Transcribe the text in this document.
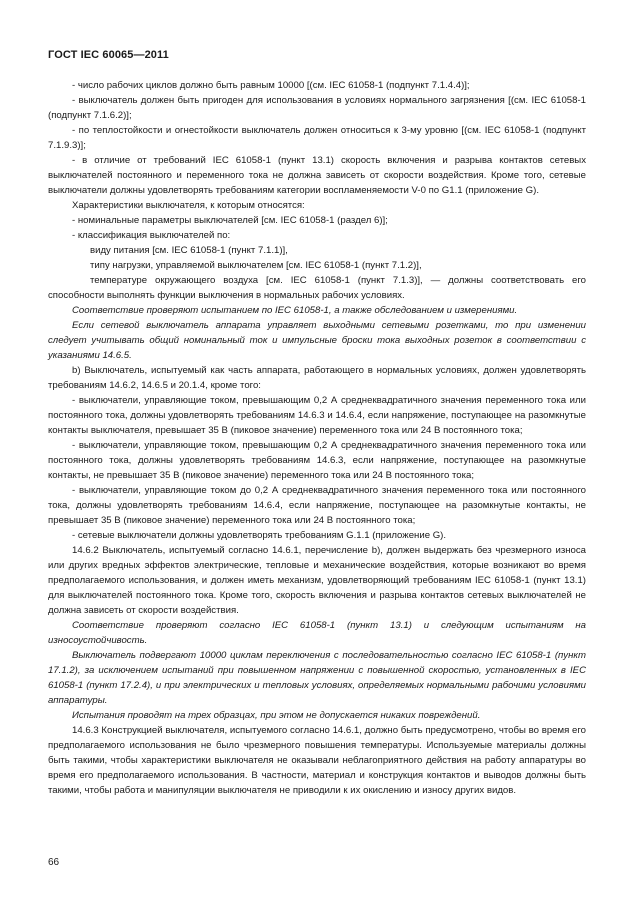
ГОСТ IEC 60065—2011

- число рабочих циклов должно быть равным 10000 [(см. IEC 61058-1 (подпункт 7.1.4.4)];

- выключатель должен быть пригоден для использования в условиях нормального загрязнения [(см. IEC 61058-1 (подпункт 7.1.6.2)];

- по теплостойкости и огнестойкости выключатель должен относиться к 3-му уровню [(см. IEC 61058-1 (подпункт 7.1.9.3)];

- в отличие от требований IEC 61058-1 (пункт 13.1) скорость включения и разрыва контактов сетевых выключателей постоянного и переменного тока не должна зависеть от скорости воздействия. Кроме того, сетевые выключатели должны удовлетворять требованиям категории воспламеняемости V-0 по G1.1 (приложение G).

Характеристики выключателя, к которым относятся:

- номинальные параметры выключателей [см. IEC 61058-1 (раздел 6)];

- классификация выключателей по:

виду питания [см. IEC 61058-1 (пункт 7.1.1)],

типу нагрузки, управляемой выключателем [см. IEC 61058-1 (пункт 7.1.2)],

температуре окружающего воздуха [см. IEC 61058-1 (пункт 7.1.3)], — должны соответствовать его способности выполнять функции выключения в нормальных рабочих условиях.

Соответствие проверяют испытанием по IEC 61058-1, а также обследованием и измерениями.

Если сетевой выключатель аппарата управляет выходными сетевыми розетками, то при изменении следует учитывать общий номинальный ток и импульсные броски тока выходных розеток в соответствии с указаниями 14.6.5.

b) Выключатель, испытуемый как часть аппарата, работающего в нормальных условиях, должен удовлетворять требованиям 14.6.2, 14.6.5 и 20.1.4, кроме того:

- выключатели, управляющие током, превышающим 0,2 А среднеквадратичного значения переменного тока или постоянного тока, должны удовлетворять требованиям 14.6.3 и 14.6.4, если напряжение, поступающее на разомкнутые контакты выключателя, превышает 35 В (пиковое значение) переменного тока или 24 В постоянного тока;

- выключатели, управляющие током, превышающим 0,2 А среднеквадратичного значения переменного тока или постоянного тока, должны удовлетворять требованиям 14.6.3, если напряжение, поступающее на разомкнутые контакты, не превышает 35 В (пиковое значение) переменного тока или 24 В постоянного тока;

- выключатели, управляющие током до 0,2 А среднеквадратичного значения переменного тока или постоянного тока, должны удовлетворять требованиям 14.6.4, если напряжение, поступающее на разомкнутые контакты, не превышает 35 В (пиковое значение) переменного тока или 24 В постоянного тока;

- сетевые выключатели должны удовлетворять требованиям G.1.1 (приложение G).

14.6.2 Выключатель, испытуемый согласно 14.6.1, перечисление b), должен выдержать без чрезмерного износа или других вредных эффектов электрические, тепловые и механические воздействия, которые возникают во время предполагаемого использования, и должен иметь механизм, удовлетворяющий требованиям IEC 61058-1 (пункт 13.1) для выключателей постоянного тока. Кроме того, скорость включения и разрыва контактов сетевых выключателей не должна зависеть от скорости воздействия.

Соответствие проверяют согласно IEC 61058-1 (пункт 13.1) и следующим испытаниям на износоустойчивость.

Выключатель подвергают 10000 циклам переключения с последовательностью согласно IEC 61058-1 (пункт 17.1.2), за исключением испытаний при повышенном напряжении с повышенной скоростью, установленных в IEC 61058-1 (пункт 17.2.4), и при электрических и тепловых условиях, определяемых нормальными рабочими условиями аппаратуры.

Испытания проводят на трех образцах, при этом не допускается никаких повреждений.

14.6.3 Конструкцией выключателя, испытуемого согласно 14.6.1, должно быть предусмотрено, чтобы во время его предполагаемого использования не было чрезмерного повышения температуры. Используемые материалы должны быть такими, чтобы характеристики выключателя не оказывали неблагоприятного действия на работу аппаратуры во время его предполагаемого использования. В частности, материал и конструкция контактов и выводов должны быть такими, чтобы работа и манипуляции выключателя не приводили к их окислению и износу других видов.

66
